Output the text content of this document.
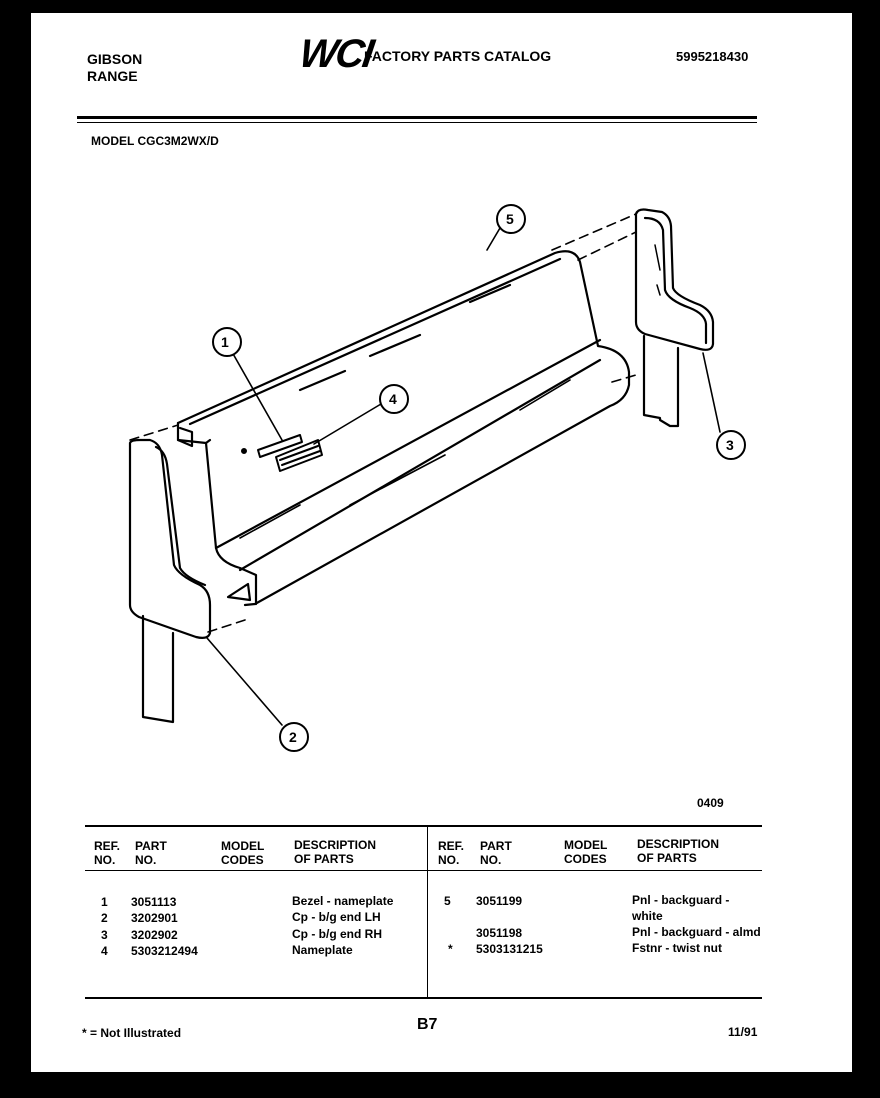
GIBSON
RANGE	WCI
FACTORY PARTS CATALOG	5995218430
MODEL CGC3M2WX/D
1
2
3
4
5
0409
REF.
NO.
PART
NO.
MODEL
CODES
DESCRIPTION
OF PARTS
REF.
NO.
PART
NO.
MODEL
CODES
DESCRIPTION
OF PARTS
1 3051113	Bezel - nameplate
2 3202901	Cp - b/g end LH
3 3202902	Cp - b/g end RH
4 5303212494	Nameplate
5 3051199	Pnl - backguard -
white
3051198	Pnl - backguard - almd
* 5303131215	Fstnr - twist nut
* = Not Illustrated	B7	11/91
